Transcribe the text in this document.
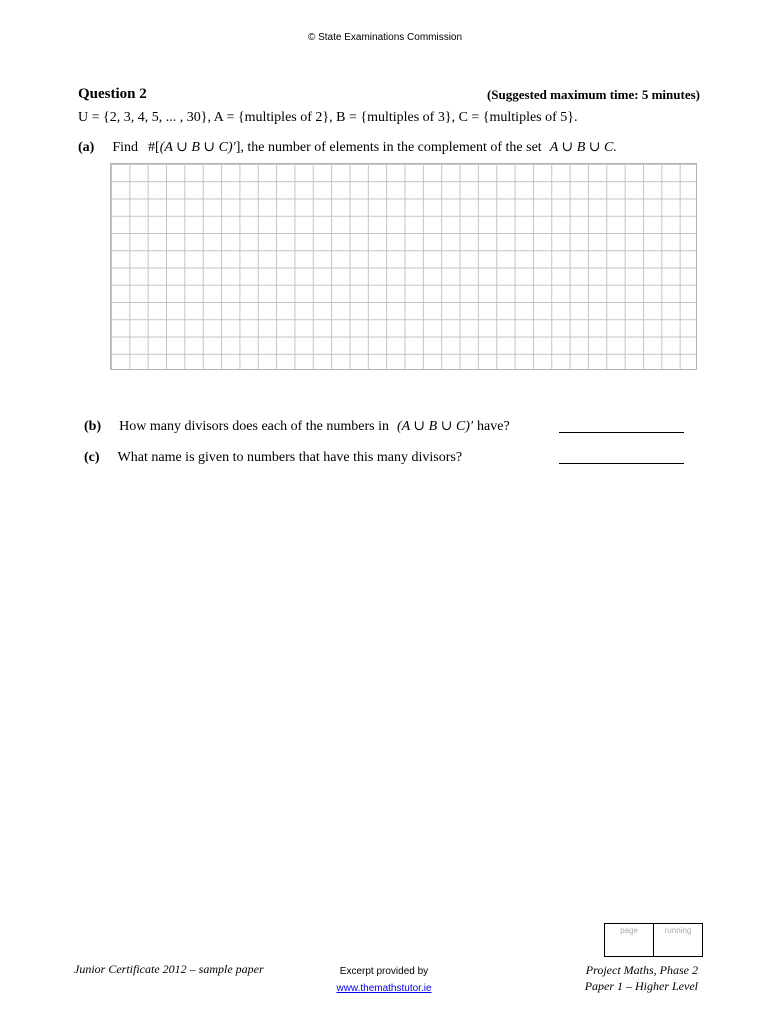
© State Examinations Commission
Question 2	(Suggested maximum time: 5 minutes)
U = {2, 3, 4, 5, ... , 30}, A = {multiples of 2}, B = {multiples of 3}, C = {multiples of 5}.
(a) Find #[(A ∪ B ∪ C)′], the number of elements in the complement of the set A ∪ B ∪ C.
(b) How many divisors does each of the numbers in (A ∪ B ∪ C)′ have?
(c) What name is given to numbers that have this many divisors?
page	running
Junior Certificate 2012 – sample paper	Excerpt provided by
www.themathstutor.ie
Project Maths, Phase 2
Paper 1 – Higher Level
